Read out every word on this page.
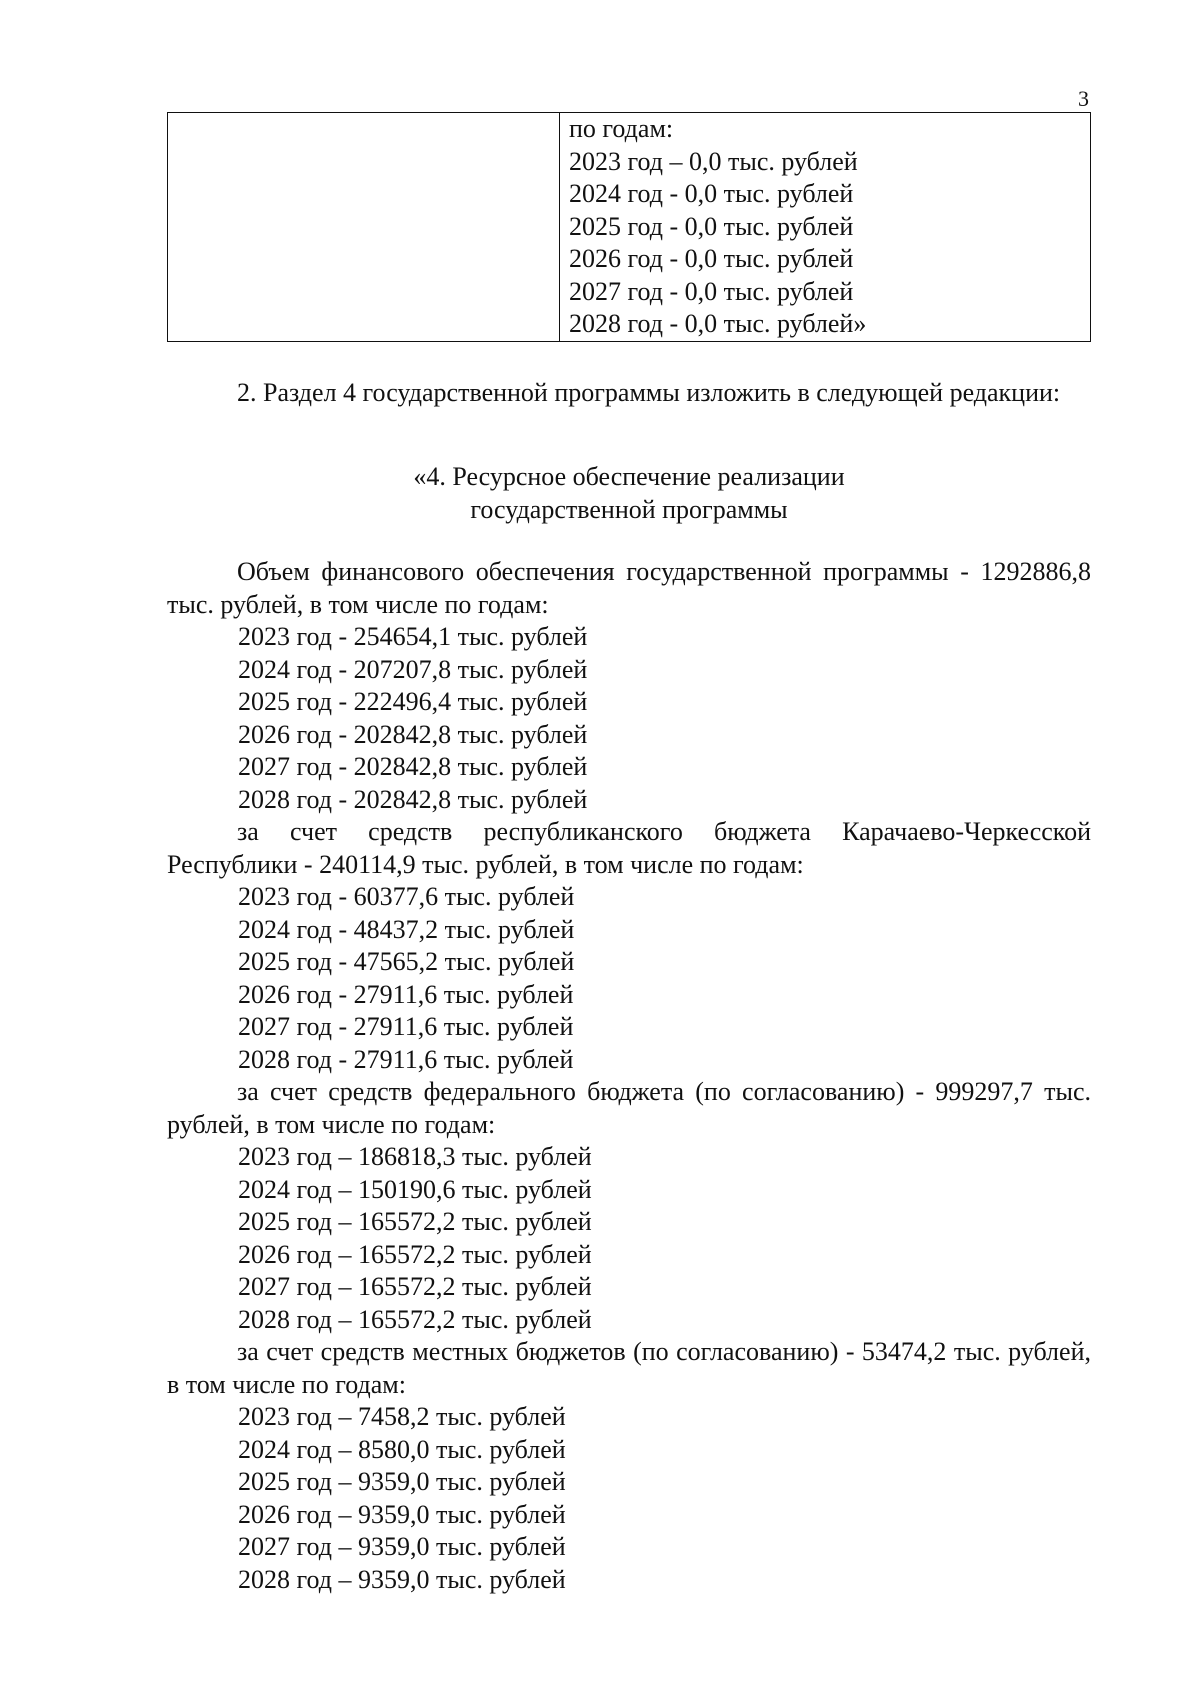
3
по годам:
2023 год – 0,0 тыс. рублей
2024 год - 0,0 тыс. рублей
2025 год - 0,0 тыс. рублей
2026 год - 0,0 тыс. рублей
2027 год - 0,0 тыс. рублей
2028 год - 0,0 тыс. рублей»
2. Раздел 4 государственной программы изложить в следующей редакции:
«4. Ресурсное обеспечение реализации
государственной программы
Объем финансового обеспечения государственной программы - 1292886,8 тыс. рублей, в том числе по годам:
2023 год - 254654,1 тыс. рублей
2024 год - 207207,8 тыс. рублей
2025 год - 222496,4 тыс. рублей
2026 год - 202842,8 тыс. рублей
2027 год - 202842,8 тыс. рублей
2028 год - 202842,8 тыс. рублей
за счет средств республиканского бюджета Карачаево-Черкесской Республики - 240114,9 тыс. рублей, в том числе по годам:
2023 год - 60377,6 тыс. рублей
2024 год - 48437,2 тыс. рублей
2025 год - 47565,2 тыс. рублей
2026 год - 27911,6 тыс. рублей
2027 год - 27911,6 тыс. рублей
2028 год - 27911,6 тыс. рублей
за счет средств федерального бюджета (по согласованию) - 999297,7 тыс. рублей, в том числе по годам:
2023 год – 186818,3 тыс. рублей
2024 год – 150190,6 тыс. рублей
2025 год – 165572,2 тыс. рублей
2026 год – 165572,2 тыс. рублей
2027 год – 165572,2 тыс. рублей
2028 год – 165572,2 тыс. рублей
за счет средств местных бюджетов (по согласованию) - 53474,2 тыс. рублей, в том числе по годам:
2023 год – 7458,2 тыс. рублей
2024 год – 8580,0 тыс. рублей
2025 год – 9359,0 тыс. рублей
2026 год – 9359,0 тыс. рублей
2027 год – 9359,0 тыс. рублей
2028 год – 9359,0 тыс. рублей
